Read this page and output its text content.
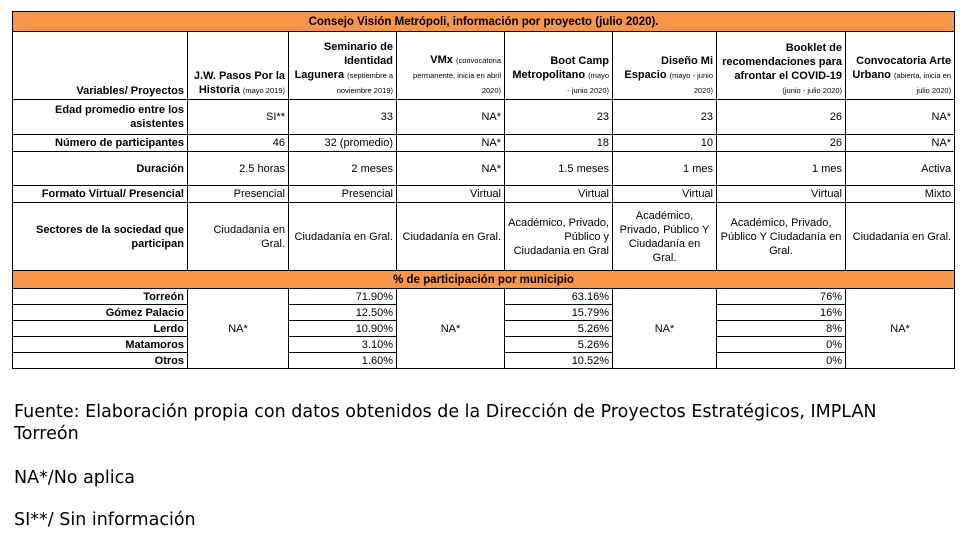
Consejo Visión Metrópoli, información por proyecto (julio 2020).							
Variables/ Proyectos	J.W. Pasos Por la Historia (mayo 2019)	Seminario de Identidad Lagunera (septiembre a noviembre 2019)	VMx (convocatoria permanente, inicia en abril 2020)	Boot Camp Metropolitano (mayo - junio 2020)	Diseño Mi Espacio (mayo - junio 2020)	Booklet de recomendaciones para afrontar el COVID-19 (junio - julio 2020)	Convocatoria Arte Urbano (abierta, inicia en julio 2020)
Edad promedio entre los asistentes	SI**	33	NA*	23	23	26	NA*
Número de participantes	46	32 (promedio)	NA*	18	10	26	NA*
Duración	2.5 horas	2 meses	NA*	1.5 meses	1 mes	1 mes	Activa
Formato Virtual/ Presencial	Presencial	Presencial	Virtual	Virtual	Virtual	Virtual	Mixto
Sectores de la sociedad que participan	Ciudadanía en Gral.	Ciudadanía en Gral.	Ciudadanía en Gral.	Académico, Privado, Público y Ciudadanía en Gral	Académico, Privado, Público Y Ciudadanía en Gral.	Académico, Privado, Público Y Ciudadanía en Gral.	Ciudadanía en Gral.
% de participación por municipio							
Torreón	NA*	71.90%	NA*	63.16%	NA*	76%	NA*
Gómez Palacio		12.50%		15.79%		16%	
Lerdo		10.90%		5.26%		8%	
Matamoros		3.10%		5.26%		0%	
Otros		1.60%		10.52%		0%	

Fuente: Elaboración propia con datos obtenidos de la Dirección de Proyectos Estratégicos, IMPLAN Torreón

NA*/No aplica

SI**/ Sin información
